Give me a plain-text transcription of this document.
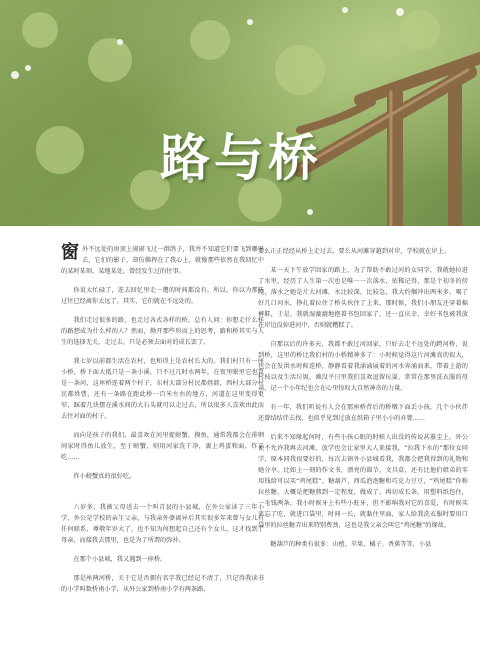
路与桥

窗外不远处的房顶上闹闹飞过一群鸽子，我并不知道它们要飞到哪里去，它们的影子，却仿佛挥在了我心上，就像那些依然在我回忆中的某时某刻、某地某处，曾经发生过的往事。

你说太忙碌了，连去回忆里走一遭的时间都没有。所以，你以为那些过往已经离你太远了。其实，它们就在不远处的。

我们走过很多的路，也走过各式各样的桥，总有人问：你想走什么样的路想成为什么样的人？然而，拗开那些形而上的思考，路和桥其实与人生的选择无关，走过去，只是必须去面对的成长罢了。

我七岁以前都生活在农村，也和得上是农村长大的。我们村只有一座小桥，桥下面大抵只是一条小溪，只不过几时水两年，在夜里眠里它也算是一条河，这座桥连着两个村子，东村大部分村民都姓韩，西村大部分村民都姓曹，还有一条路在距此桥一百米左右的地方，河道在这里变得更窄，踩着几块摆在溪水间的大石头就可以走过去，所以很多人喜欢由此而去往对面的村子。

而向是孩子的我们，最喜欢在河里捉螃蟹，摸鱼，通常我都会在徘徊间家时得鱼儿放生，至于螃蟹，则用河家洗干净，裹上鸡蛋和面，炸了吃……

炸小螃蟹真的很好吃。

六岁多，我被父母送去一个叫青县的小县城，在外公家读了三年小学，外公是学校的亲生父亲，与我亲外婆离异后其实很多年来曾与女儿有任何联系，尊敬年岁大了，也不知为何想起自己还有个女儿，这才找到了母亲，而接我去那里，也是为了所谓的弥补。

在那个小县城，我又遇到一座桥。

那是座两河桥，关于它是否拥有名字我已经记不清了，只记得我读书的小学叫数桥南小学，从外公家到桥南小学有两条路，

要么正正经经从桥上走过去，要么从河滩穿越到对岸，学校就在岸上。

某一天下午放学回家的路上，为了帮助不敢过河的女同学，我就她拉进了水里，经历了人生第一次也是唯一一次落水，依稀记得，那是个初冬的傍晚，落水之她是片大河滩，水比较深，比较急，我大约搁冲出两米多，喝了好几口河水，挣扎着拉住了桥头伙住了上来，那时候，我们小朋友还穿着棉裤鞋，于是，我就湿漉漉地抱着书包回家了，还一直庆幸，幸好书包被我放在岸边没掉进河中，否则就糟糕了。

自那以后的许多天，我都不敢过河回家，只好去走不远处的跨河桥，说到桥，这里的桥比我们村的小桥精神多了：小时候觉得这片河滩真的很大，也会在发洪水时候连桥，静静看着我涌涌展着的河水奔涌而来，带着上游的村枝以及生活垃圾，滩没平日里我们喜欢逗留玩耍，常常在那里洗衣服的母亲，记一个小年纪也会在心里惊叹大自然神奇的力量。

有一年，我们听说有人会在那座桥背后的桥墩下面丢小孩，几个小伙伴还曾结结伴去找，也似乎见到过放在纸箱子里小小的弃婴……

后来不知缘起何时，有些小孩心眼的时候人出没的传说甚嚣尘上，外公便不允许我再去河滩，放学也会让家里大人来接我，“拉我下水的”那位女同学，原本同我很要好的，每次去镇外小县城看我，我都会把我得到的礼物和她分享，比如上一刻的作文书，漂亮的圆节，文具盒，还有比他们姐弟的零用钱给可以买“鸡尾糕”，糖葫芦，西瓜泡泡糖和巧克力豆豆，“鸡尾糕”你称拉丝糖，大概是把糖熬到一定程度，做成了，再切成长条，用塑料纸包住，一毛钱两条，我小时候牙上有些小蛀牙，但不影响我对它的喜爱，有时候买来忘了吃，就进口袋里，时间一长，就黏住里面，家人给我洗衣服时要用口袋里的拉丝糖弄出来特别费劲，这也是我父亲会叫它“鸡尾糖”的缘故。

糖葫芦的种类有很多：山楂、苹果、橘子、香蕉等等，小县
